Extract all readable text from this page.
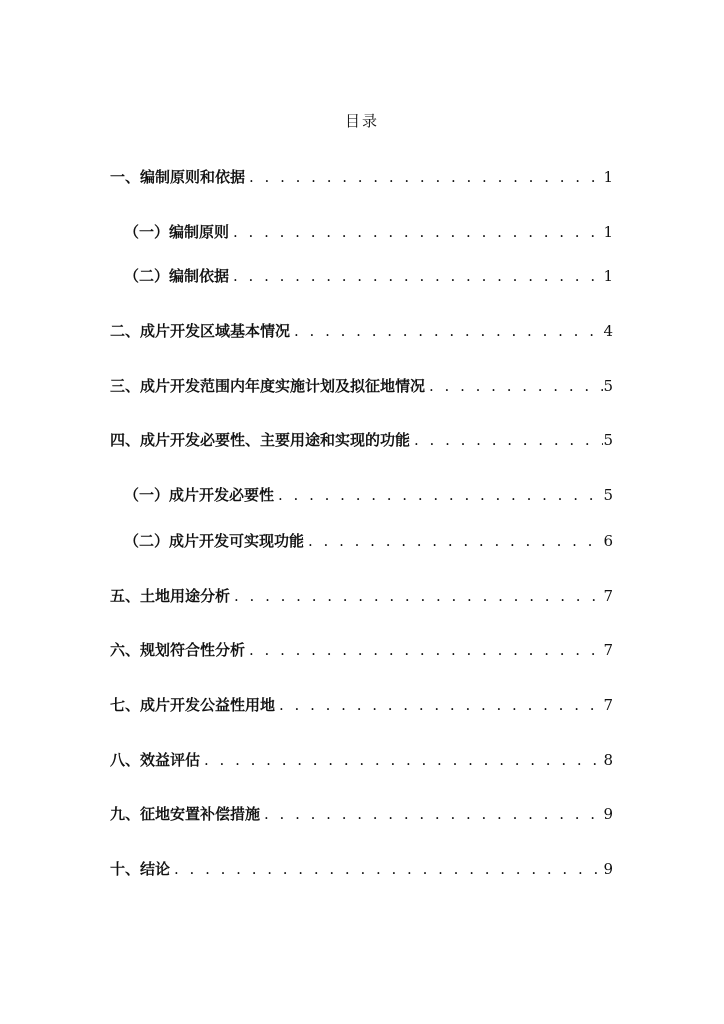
目录
一、编制原则和依据 . . .	1
（一）编制原则 . . .	1
（二）编制依据 . . .	1
二、成片开发区域基本情况 . . .	4
三、成片开发范围内年度实施计划及拟征地情况 . . .	5
四、成片开发必要性、主要用途和实现的功能 . . .	5
（一）成片开发必要性 . . .	5
（二）成片开发可实现功能 . . .	6
五、土地用途分析 . . .	7
六、规划符合性分析 . . .	7
七、成片开发公益性用地 . . .	7
八、效益评估 . . .	8
九、征地安置补偿措施 . . .	9
十、结论 . . .	9
